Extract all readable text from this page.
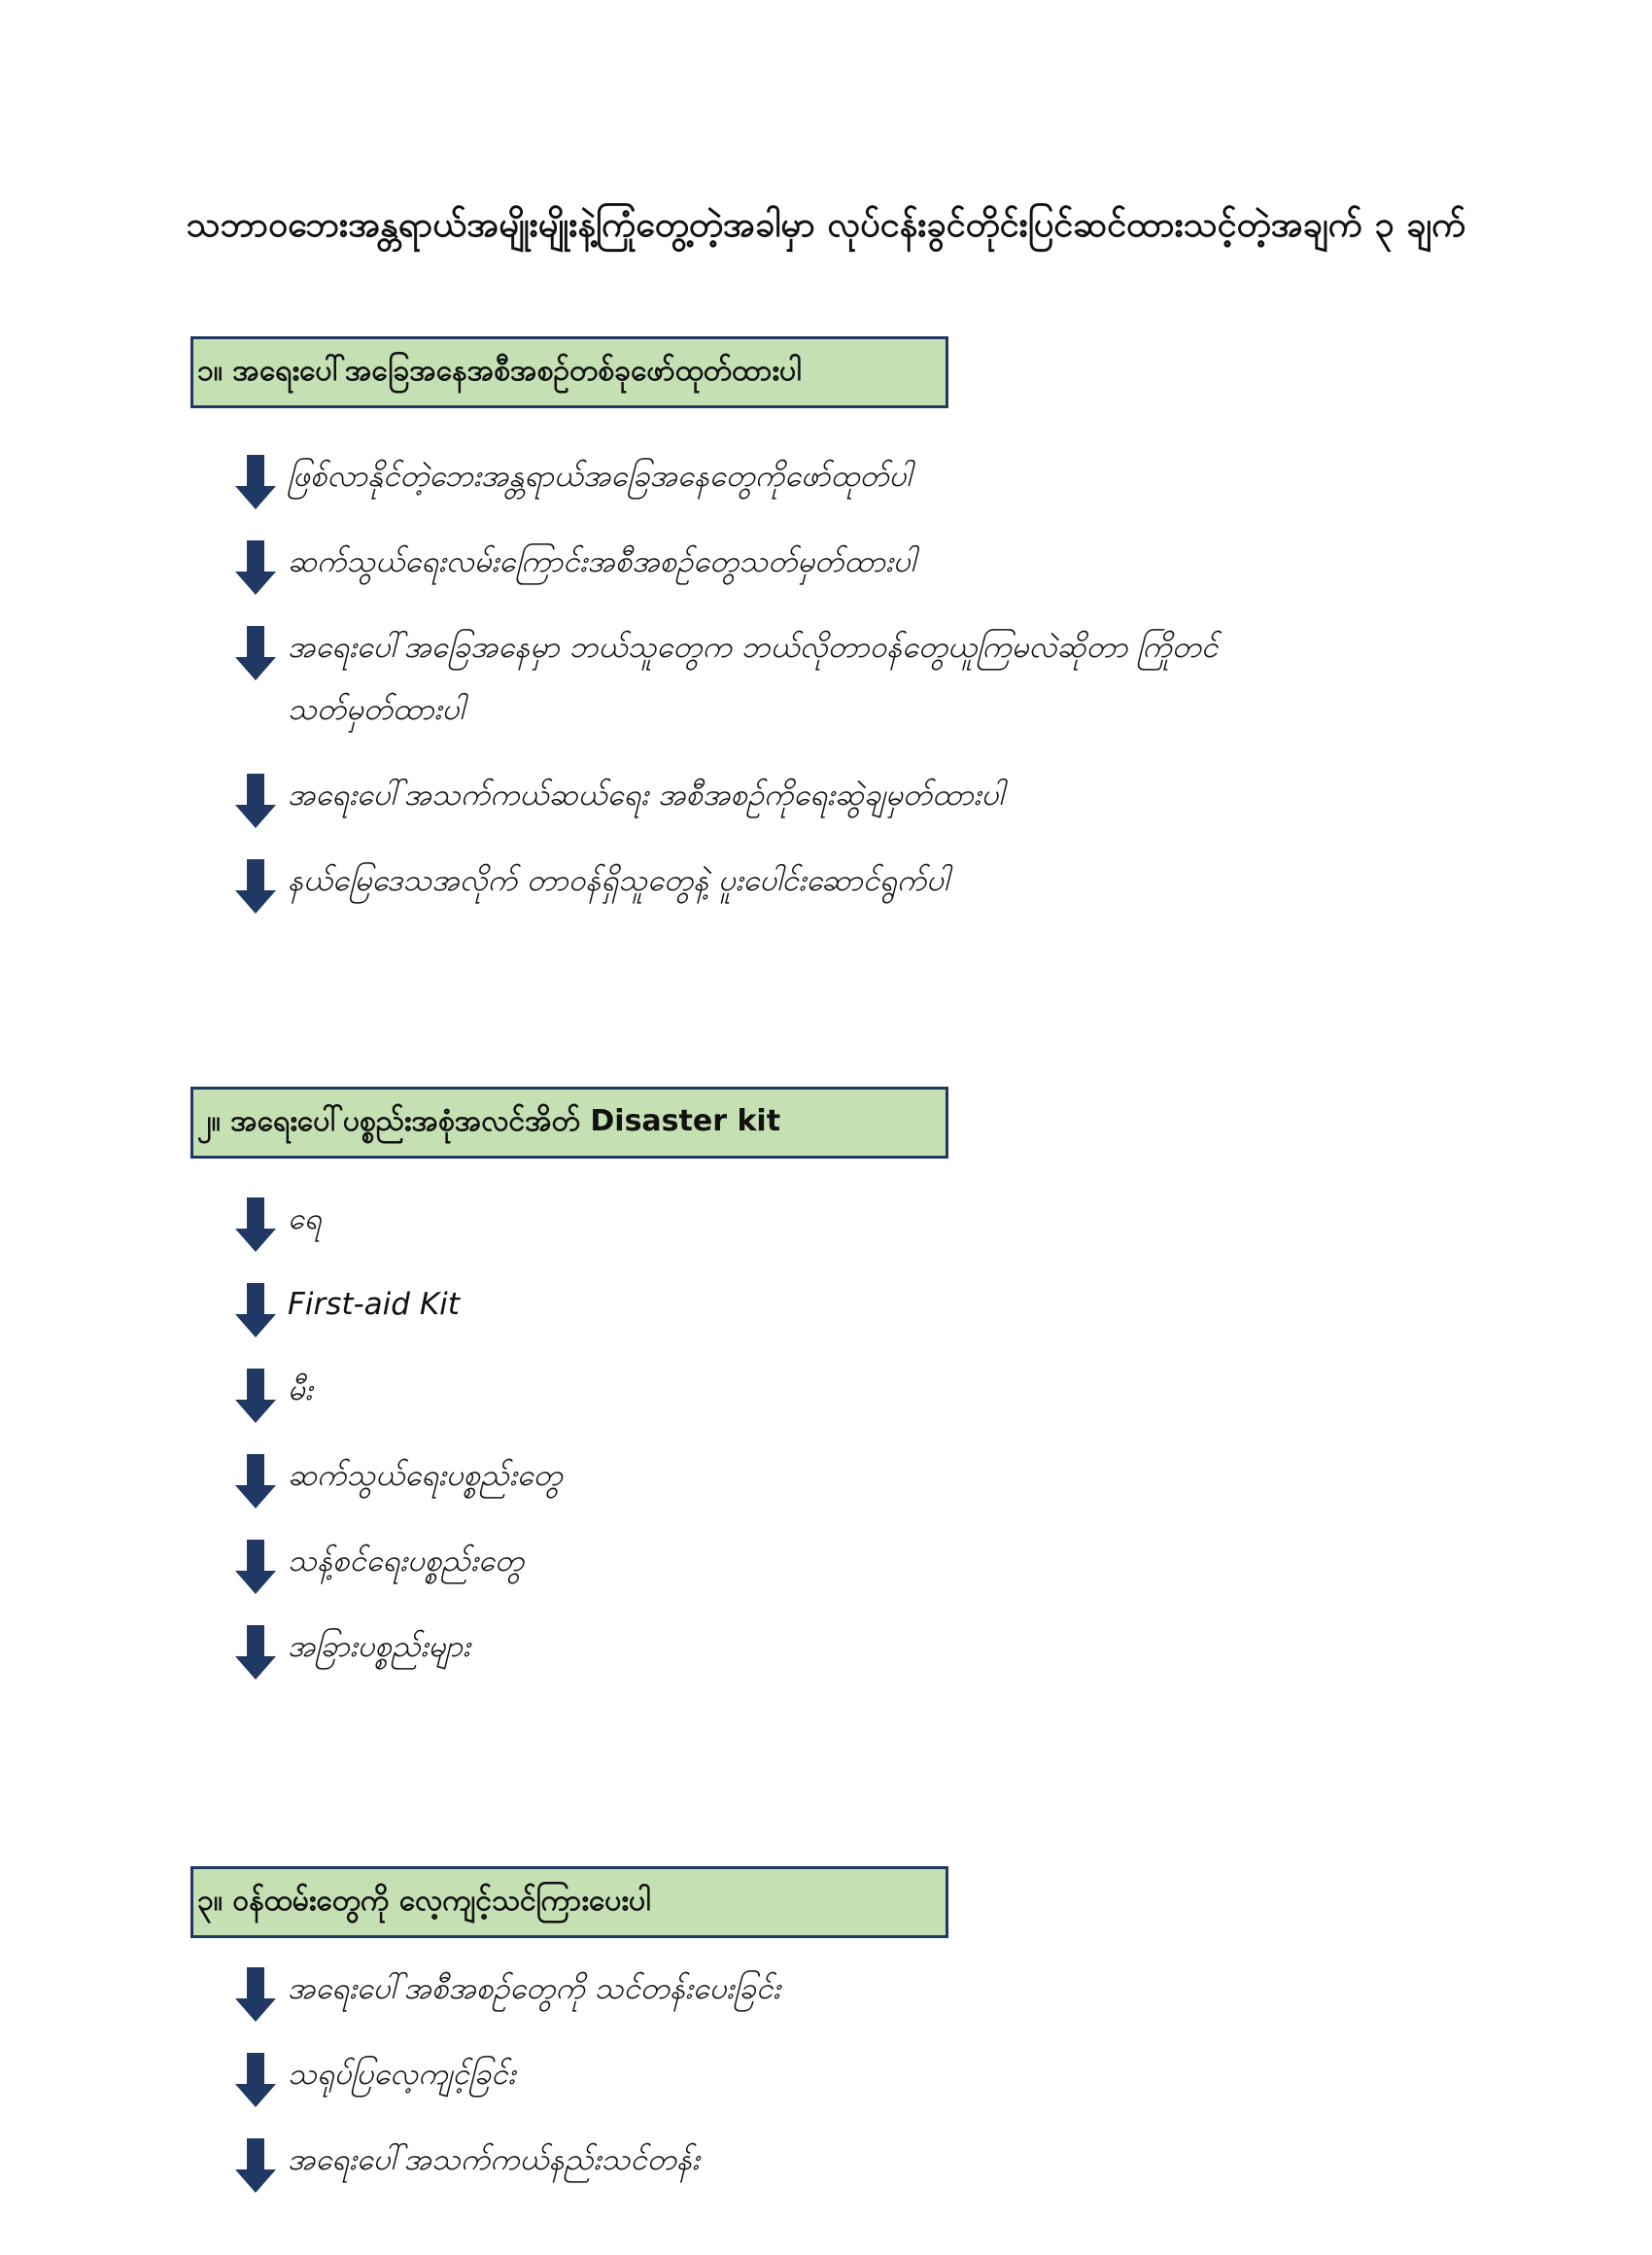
သဘာဝဘေးအန္တရာယ်အမျိုးမျိုးနဲ့ကြုံတွေ့တဲ့အခါမှာ လုပ်ငန်းခွင်တိုင်းပြင်ဆင်ထားသင့်တဲ့အချက် ၃ ချက်
၁။ အရေးပေါ်အခြေအနေအစီအစဥ်တစ်ခုဖော်ထုတ်ထားပါ
ဖြစ်လာနိုင်တဲ့ဘေးအန္တရာယ်အခြေအနေတွေကိုဖော်ထုတ်ပါ
ဆက်သွယ်ရေးလမ်းကြောင်းအစီအစဥ်တွေသတ်မှတ်ထားပါ
အရေးပေါ်အခြေအနေမှာ ဘယ်သူတွေက ဘယ်လိုတာဝန်တွေယူကြမလဲဆိုတာ ကြိုတင်သတ်မှတ်ထားပါ
အရေးပေါ်အသက်ကယ်ဆယ်ရေး အစီအစဥ်ကိုရေးဆွဲချမှတ်ထားပါ
နယ်မြေဒေသအလိုက် တာဝန်ရှိသူတွေနဲ့ ပူးပေါင်းဆောင်ရွက်ပါ
၂။ အရေးပေါ်ပစ္စည်းအစုံအလင်အိတ် Disaster kit
ရေ
First-aid Kit
မီး
ဆက်သွယ်ရေးပစ္စည်းတွေ
သန့်စင်ရေးပစ္စည်းတွေ
အခြားပစ္စည်းများ
၃။ ဝန်ထမ်းတွေကို လေ့ကျင့်သင်ကြားပေးပါ
အရေးပေါ်အစီအစဥ်တွေကို သင်တန်းပေးခြင်း
သရုပ်ပြလေ့ကျင့်ခြင်း
အရေးပေါ်အသက်ကယ်နည်းသင်တန်း
